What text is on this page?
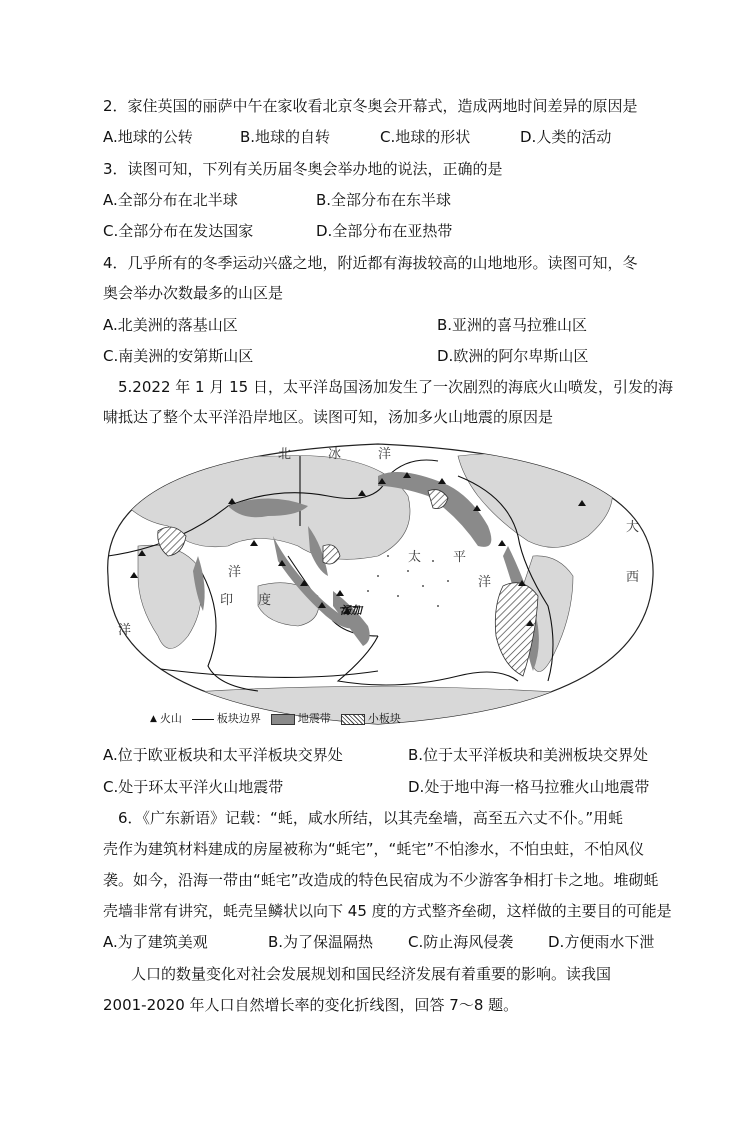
2．家住英国的丽萨中午在家收看北京冬奥会开幕式，造成两地时间差异的原因是
A.地球的公转	B.地球的自转	C.地球的形状	D.人类的活动
3．读图可知，下列有关历届冬奥会举办地的说法，正确的是
A.全部分布在北半球	B.全部分布在东半球
C.全部分布在发达国家	D.全部分布在亚热带
4．几乎所有的冬季运动兴盛之地，附近都有海拔较高的山地地形。读图可知，冬
奥会举办次数最多的山区是
A.北美洲的落基山区	B.亚洲的喜马拉雅山区
C.南美洲的安第斯山区	D.欧洲的阿尔卑斯山区
5.2022 年 1 月 15 日，太平洋岛国汤加发生了一次剧烈的海底火山喷发，引发的海
啸抵达了整个太平洋沿岸地区。读图可知，汤加多火山地震的原因是
北	冰	洋
大
西
印 度
洋
洋
太 平
洋
汤加
▲ 火山	板块边界	地震带	小板块
A.位于欧亚板块和太平洋板块交界处	B.位于太平洋板块和美洲板块交界处
C.处于环太平洋火山地震带	D.处于地中海一格马拉雅火山地震带
6．《广东新语》记载：“蚝，咸水所结，以其壳垒墙，高至五六丈不仆。”用蚝
壳作为建筑材料建成的房屋被称为“蚝宅”，“蚝宅”不怕渗水，不怕虫蛀，不怕风仪
袭。如今，沿海一带由“蚝宅”改造成的特色民宿成为不少游客争相打卡之地。堆砌蚝
壳墙非常有讲究，蚝壳呈鳞状以向下 45 度的方式整齐垒砌，这样做的主要目的可能是
A.为了建筑美观	B.为了保温隔热 C.防止海风侵袭 D.方便雨水下泄
人口的数量变化对社会发展规划和国民经济发展有着重要的影响。读我国
2001-2020 年人口自然增长率的变化折线图，回答 7～8 题。
